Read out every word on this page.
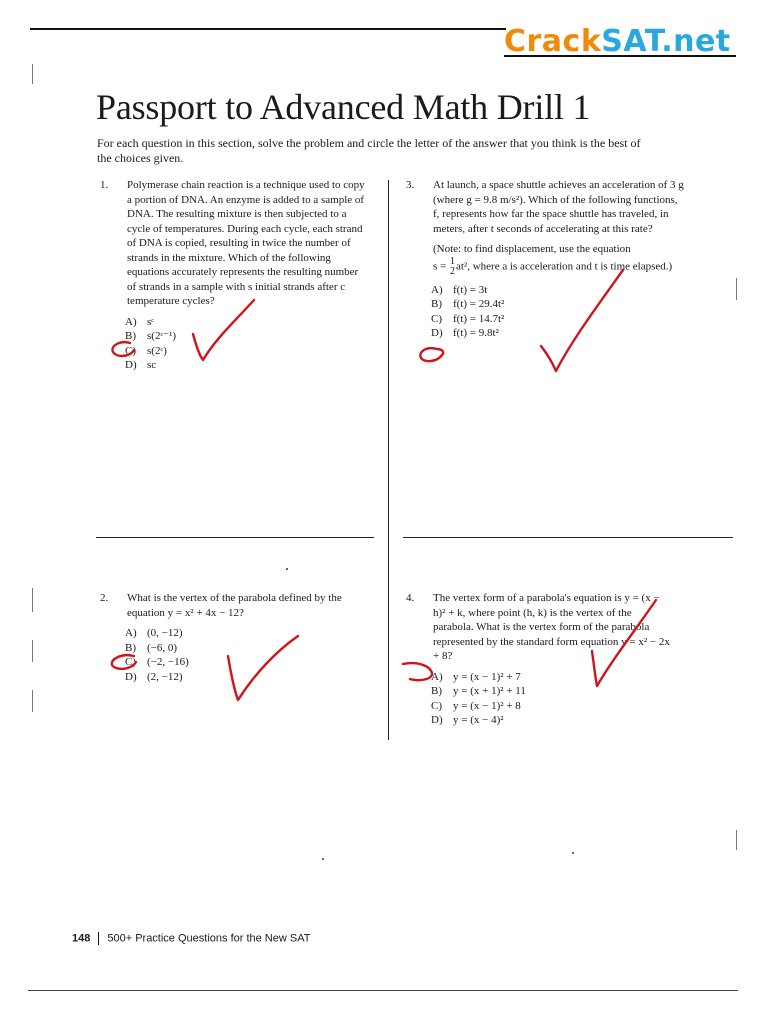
CrackSAT.net
Passport to Advanced Math Drill 1
For each question in this section, solve the problem and circle the letter of the answer that you think is the best of the choices given.
1. Polymerase chain reaction is a technique used to copy a portion of DNA. An enzyme is added to a sample of DNA. The resulting mixture is then subjected to a cycle of temperatures. During each cycle, each strand of DNA is copied, resulting in twice the number of strands in the mixture. Which of the following equations accurately represents the resulting number of strands in a sample with s initial strands after c temperature cycles?
A) sᶜ
B)	s(2ᶜ⁻¹)
C)	s(2ᶜ)
D) sc
3. At launch, a space shuttle achieves an acceleration of 3 g (where g = 9.8 m/s²). Which of the following functions, f, represents how far the space shuttle has traveled, in meters, after t seconds of accelerating at this rate?
(Note: to find displacement, use the equation
s = 1
2 at², where a is acceleration and t is time elapsed.)
A) f(t) = 3t
B)	f(t) = 29.4t²
C)	f(t) = 14.7t²
D) f(t) = 9.8t²
2. What is the vertex of the parabola defined by the equation y = x² + 4x − 12?
A) (0, −12)
B)	(−6, 0)
C)	(−2, −16)
D) (2, −12)
4. The vertex form of a parabola's equation is y = (x − h)² + k, where point (h, k) is the vertex of the parabola. What is the vertex form of the parabola represented by the standard form equation y = x² − 2x + 8?
A) y = (x − 1)² + 7
B)	y = (x + 1)² + 11
C)	y = (x − 1)² + 8
D) y = (x − 4)²
148 500+ Practice Questions for the New SAT
